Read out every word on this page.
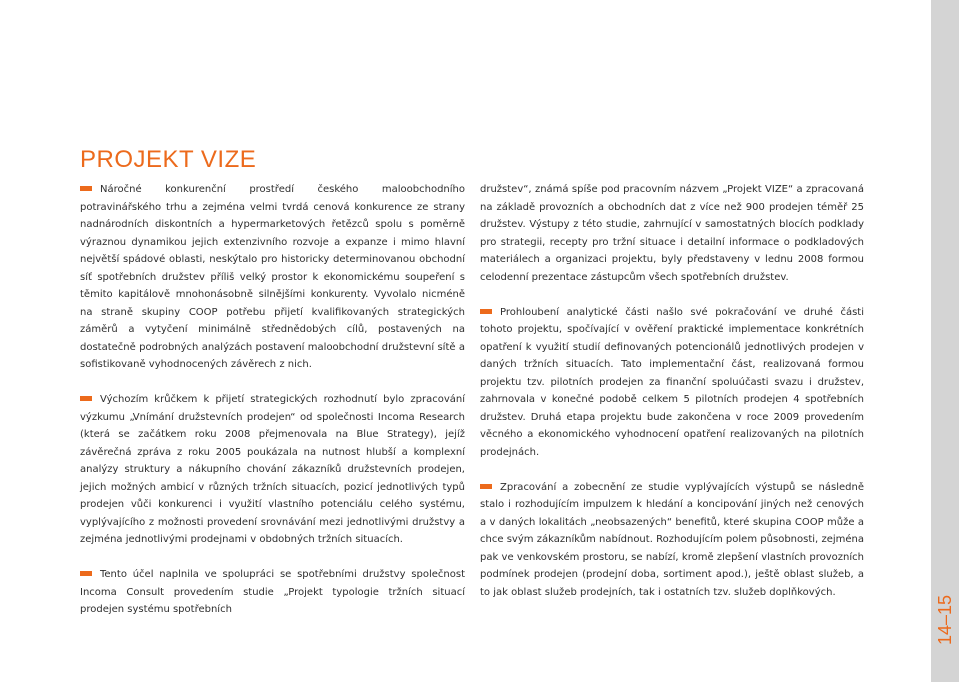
14–15
PROJEKT VIZE

Náročné konkurenční prostředí českého maloobchodního potravinářského trhu a zejména velmi tvrdá cenová konkurence ze strany nadnárodních diskontních a hypermarketových řetězců spolu s poměrně výraznou dynamikou jejich extenzivního rozvoje a expanze i mimo hlavní největší spádové oblasti, neskýtalo pro historicky determinovanou obchodní síť spotřebních družstev příliš velký prostor k ekonomickému soupeření s těmito kapitálově mnohonásobně silnějšími konkurenty. Vyvolalo nicméně na straně skupiny COOP potřebu přijetí kvalifikovaných strategických záměrů a vytyčení minimálně střednědobých cílů, postavených na dostatečně podrobných analýzách postavení maloobchodní družstevní sítě a sofistikovaně vyhodnocených závěrech z nich.

Výchozím krůčkem k přijetí strategických rozhodnutí bylo zpracování výzkumu „Vnímání družstevních prodejen“ od společnosti Incoma Research (která se začátkem roku 2008 přejmenovala na Blue Strategy), jejíž závěrečná zpráva z roku 2005 poukázala na nutnost hlubší a komplexní analýzy struktury a nákupního chování zákazníků družstevních prodejen, jejich možných ambicí v různých tržních situacích, pozicí jednotlivých typů prodejen vůči konkurenci i využití vlastního potenciálu celého systému, vyplývajícího z možnosti provedení srovnávání mezi jednotlivými družstvy a zejména jednotlivými prodejnami v obdobných tržních situacích.

Tento účel naplnila ve spolupráci se spotřebními družstvy společnost Incoma Consult provedením studie „Projekt typologie tržních situací prodejen systému spotřebních

družstev“, známá spíše pod pracovním názvem „Projekt VIZE“ a zpracovaná na základě provozních a obchodních dat z více než 900 prodejen téměř 25 družstev. Výstupy z této studie, zahrnující v samostatných blocích podklady pro strategii, recepty pro tržní situace i detailní informace o podkladových materiálech a organizaci projektu, byly představeny v lednu 2008 formou celodenní prezentace zástupcům všech spotřebních družstev.

Prohloubení analytické části našlo své pokračování ve druhé části tohoto projektu, spočívající v ověření praktické implementace konkrétních opatření k využití studií definovaných potencionálů jednotlivých prodejen v daných tržních situacích. Tato implementační část, realizovaná formou projektu tzv. pilotních prodejen za finanční spoluúčasti svazu i družstev, zahrnovala v konečné podobě celkem 5 pilotních prodejen 4 spotřebních družstev. Druhá etapa projektu bude zakončena v roce 2009 provedením věcného a ekonomického vyhodnocení opatření realizovaných na pilotních prodejnách.

Zpracování a zobecnění ze studie vyplývajících výstupů se následně stalo i rozhodujícím impulzem k hledání a koncipování jiných než cenových a v daných lokalitách „neobsazených“ benefitů, které skupina COOP může a chce svým zákazníkům nabídnout. Rozhodujícím polem působnosti, zejména pak ve venkovském prostoru, se nabízí, kromě zlepšení vlastních provozních podmínek prodejen (prodejní doba, sortiment apod.), ještě oblast služeb, a to jak oblast služeb prodejních, tak i ostatních tzv. služeb doplňkových.
